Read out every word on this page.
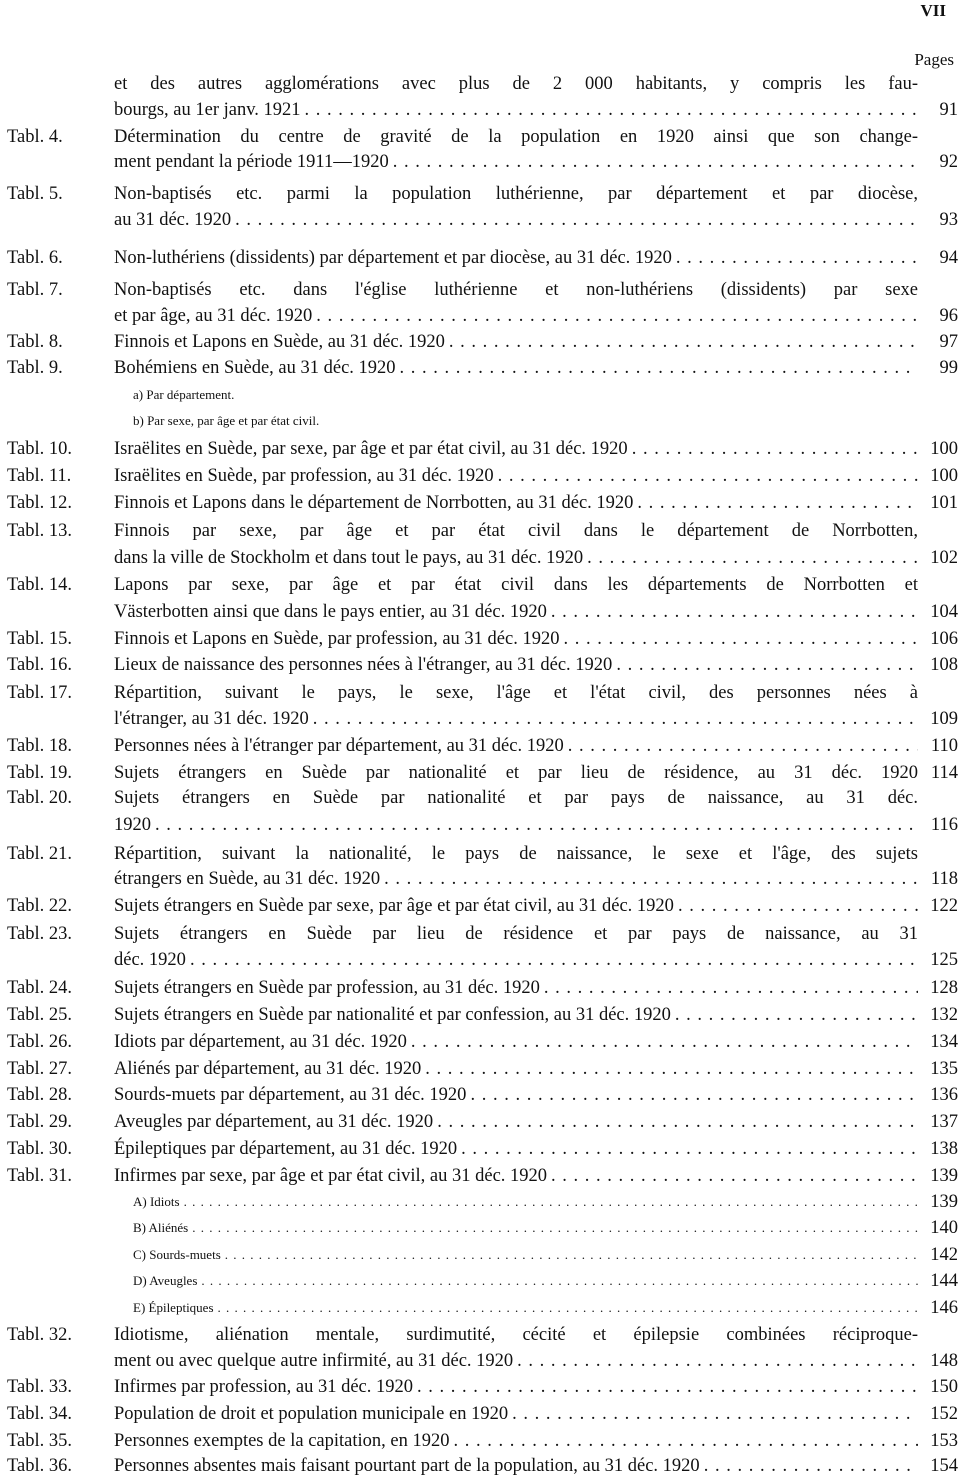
VII
Pages
et des autres agglomérations avec plus de 2 000 habitants, y compris les fau-
bourgs, au 1er janv. 1921 . . .	91
Tabl. 4.	Détermination du centre de gravité de la population en 1920 ainsi que son change-
ment pendant la période 1911—1920 . . .	92
Tabl. 5.	Non-baptisés etc. parmi la population luthérienne, par département et par diocèse,
au 31 déc. 1920 . . .	93
Tabl. 6.	Non-luthériens (dissidents) par département et par diocèse, au 31 déc. 1920 . . .	94
Tabl. 7.	Non-baptisés etc. dans l'église luthérienne et non-luthériens (dissidents) par sexe
et par âge, au 31 déc. 1920 . . .	96
Tabl. 8.	Finnois et Lapons en Suède, au 31 déc. 1920 . . .	97
Tabl. 9.	Bohémiens en Suède, au 31 déc. 1920 . . .	99
a) Par département.
b) Par sexe, par âge et par état civil.
Tabl. 10. Israëlites en Suède, par sexe, par âge et par état civil, au 31 déc. 1920 . . .	100
Tabl. 11. Israëlites en Suède, par profession, au 31 déc. 1920 . . .	100
Tabl. 12. Finnois et Lapons dans le département de Norrbotten, au 31 déc. 1920 . . .	101
Tabl. 13. Finnois par sexe, par âge et par état civil dans le département de Norrbotten,
dans la ville de Stockholm et dans tout le pays, au 31 déc. 1920 . . .	102
Tabl. 14. Lapons par sexe, par âge et par état civil dans les départements de Norrbotten et
Västerbotten ainsi que dans le pays entier, au 31 déc. 1920 . . .	104
Tabl. 15. Finnois et Lapons en Suède, par profession, au 31 déc. 1920 . . .	106
Tabl. 16. Lieux de naissance des personnes nées à l'étranger, au 31 déc. 1920 . . .	108
Tabl. 17. Répartition, suivant le pays, le sexe, l'âge et l'état civil, des personnes nées à
l'étranger, au 31 déc. 1920 . . .	109
Tabl. 18. Personnes nées à l'étranger par département, au 31 déc. 1920 . . .	110
Tabl. 19. Sujets étrangers en Suède par nationalité et par lieu de résidence, au 31 déc. 1920 114
Tabl. 20. Sujets étrangers en Suède par nationalité et par pays de naissance, au 31 déc.
1920 . . .	116
Tabl. 21. Répartition, suivant la nationalité, le pays de naissance, le sexe et l'âge, des sujets
étrangers en Suède, au 31 déc. 1920 . . .	118
Tabl. 22. Sujets étrangers en Suède par sexe, par âge et par état civil, au 31 déc. 1920 . . .	122
Tabl. 23. Sujets étrangers en Suède par lieu de résidence et par pays de naissance, au 31
déc. 1920 . . .	125
Tabl. 24. Sujets étrangers en Suède par profession, au 31 déc. 1920 . . .	128
Tabl. 25. Sujets étrangers en Suède par nationalité et par confession, au 31 déc. 1920 . . .	132
Tabl. 26. Idiots par département, au 31 déc. 1920 . . .	134
Tabl. 27. Aliénés par département, au 31 déc. 1920 . . .	135
Tabl. 28. Sourds-muets par département, au 31 déc. 1920 . . .	136
Tabl. 29. Aveugles par département, au 31 déc. 1920 . . .	137
Tabl. 30. Épileptiques par département, au 31 déc. 1920 . . .	138
Tabl. 31. Infirmes par sexe, par âge et par état civil, au 31 déc. 1920 . . .	139
A) Idiots . . .	139
B) Aliénés . . .	140
C) Sourds-muets . . .	142
D) Aveugles . . .	144
E) Épileptiques . . .	146
Tabl. 32. Idiotisme, aliénation mentale, surdimutité, cécité et épilepsie combinées réciproque-
ment ou avec quelque autre infirmité, au 31 déc. 1920 . . .	148
Tabl. 33. Infirmes par profession, au 31 déc. 1920 . . .	150
Tabl. 34. Population de droit et population municipale en 1920 . . .	152
Tabl. 35. Personnes exemptes de la capitation, en 1920 . . .	153
Tabl. 36. Personnes absentes mais faisant pourtant part de la population, au 31 déc. 1920 . . .	154
